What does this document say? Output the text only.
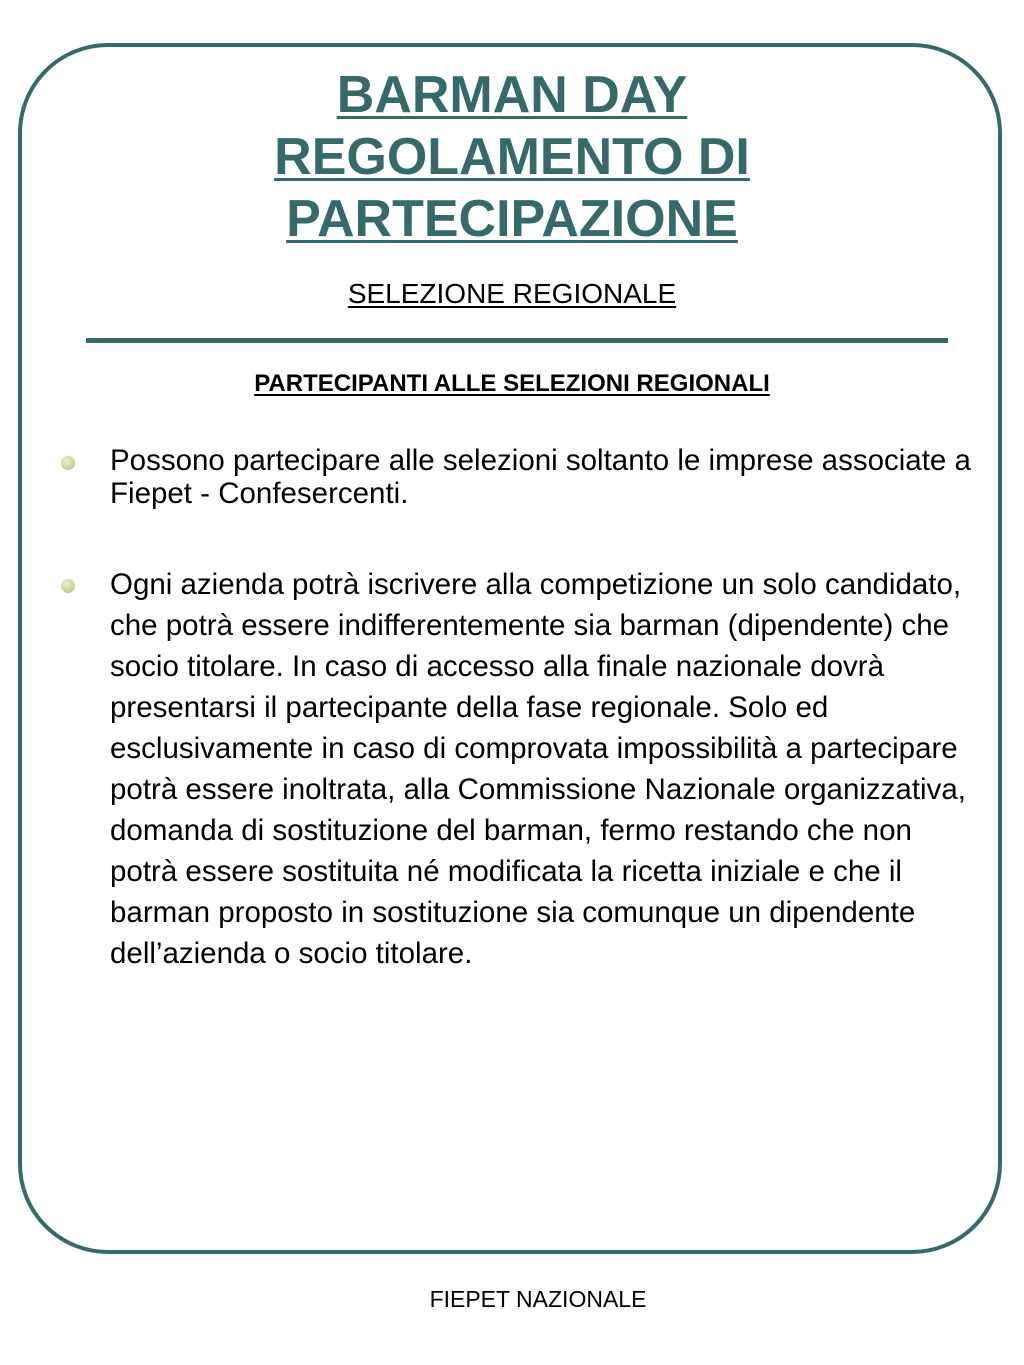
BARMAN DAY
REGOLAMENTO DI
PARTECIPAZIONE
SELEZIONE REGIONALE
PARTECIPANTI ALLE SELEZIONI REGIONALI
Possono partecipare alle selezioni soltanto le imprese associate a Fiepet - Confesercenti.
Ogni azienda potrà iscrivere alla competizione un solo candidato, che potrà essere indifferentemente sia barman (dipendente) che socio titolare. In caso di accesso alla finale nazionale dovrà presentarsi il partecipante della fase regionale. Solo ed esclusivamente in caso di comprovata impossibilità a partecipare potrà essere inoltrata, alla Commissione Nazionale organizzativa, domanda di sostituzione del barman, fermo restando che non potrà essere sostituita né modificata la ricetta iniziale e che il barman proposto in sostituzione sia comunque un dipendente dell’azienda o socio titolare.
FIEPET NAZIONALE
